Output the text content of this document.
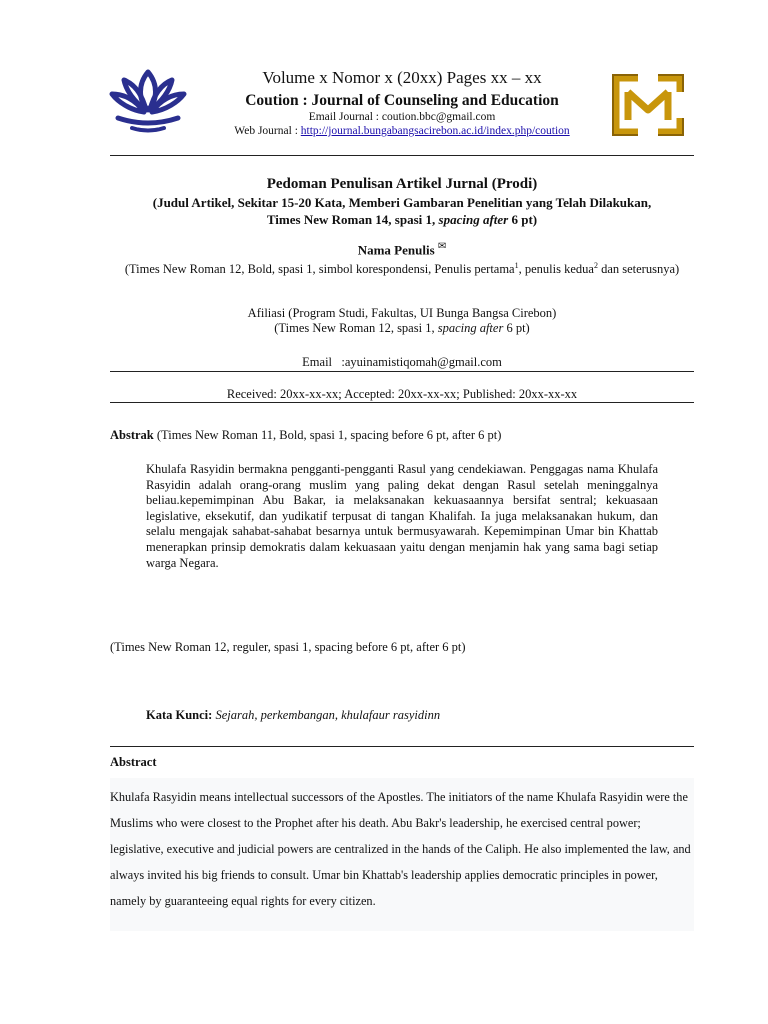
Volume x Nomor x (20xx) Pages xx – xx
Coution : Journal of Counseling and Education
Email Journal : coution.bbc@gmail.com
Web Journal : http://journal.bungabangsacirebon.ac.id/index.php/coution
Pedoman Penulisan Artikel Jurnal (Prodi)
(Judul Artikel, Sekitar 15-20 Kata, Memberi Gambaran Penelitian yang Telah Dilakukan,
Times New Roman 14, spasi 1, spacing after 6 pt)
Nama Penulis ✉
(Times New Roman 12, Bold, spasi 1, simbol korespondensi, Penulis pertama$^1$, penulis kedua$^2$ dan seterusnya)
Afiliasi (Program Studi, Fakultas, UI Bunga Bangsa Cirebon)
(Times New Roman 12, spasi 1, spacing after 6 pt)
Email :ayuinamistiqomah@gmail.com
Received: 20xx-xx-xx; Accepted: 20xx-xx-xx; Published: 20xx-xx-xx
Abstrak (Times New Roman 11, Bold, spasi 1, spacing before 6 pt, after 6 pt)
Khulafa Rasyidin bermakna pengganti-pengganti Rasul yang cendekiawan. Penggagas nama Khulafa Rasyidin adalah orang-orang muslim yang paling dekat dengan Rasul setelah meninggalnya beliau.kepemimpinan Abu Bakar, ia melaksanakan kekuasaannya bersifat sentral; kekuasaan legislative, eksekutif, dan yudikatif terpusat di tangan Khalifah. Ia juga melaksanakan hukum, dan selalu mengajak sahabat-sahabat besarnya untuk bermusyawarah. Kepemimpinan Umar bin Khattab menerapkan prinsip demokratis dalam kekuasaan yaitu dengan menjamin hak yang sama bagi setiap warga Negara.
(Times New Roman 12, reguler, spasi 1, spacing before 6 pt, after 6 pt)
Kata Kunci: Sejarah, perkembangan, khulafaur rasyidinn
Abstract
Khulafa Rasyidin means intellectual successors of the Apostles. The initiators of the name Khulafa Rasyidin were the Muslims who were closest to the Prophet after his death. Abu Bakr's leadership, he exercised central power; legislative, executive and judicial powers are centralized in the hands of the Caliph. He also implemented the law, and always invited his big friends to consult. Umar bin Khattab's leadership applies democratic principles in power, namely by guaranteeing equal rights for every citizen.
